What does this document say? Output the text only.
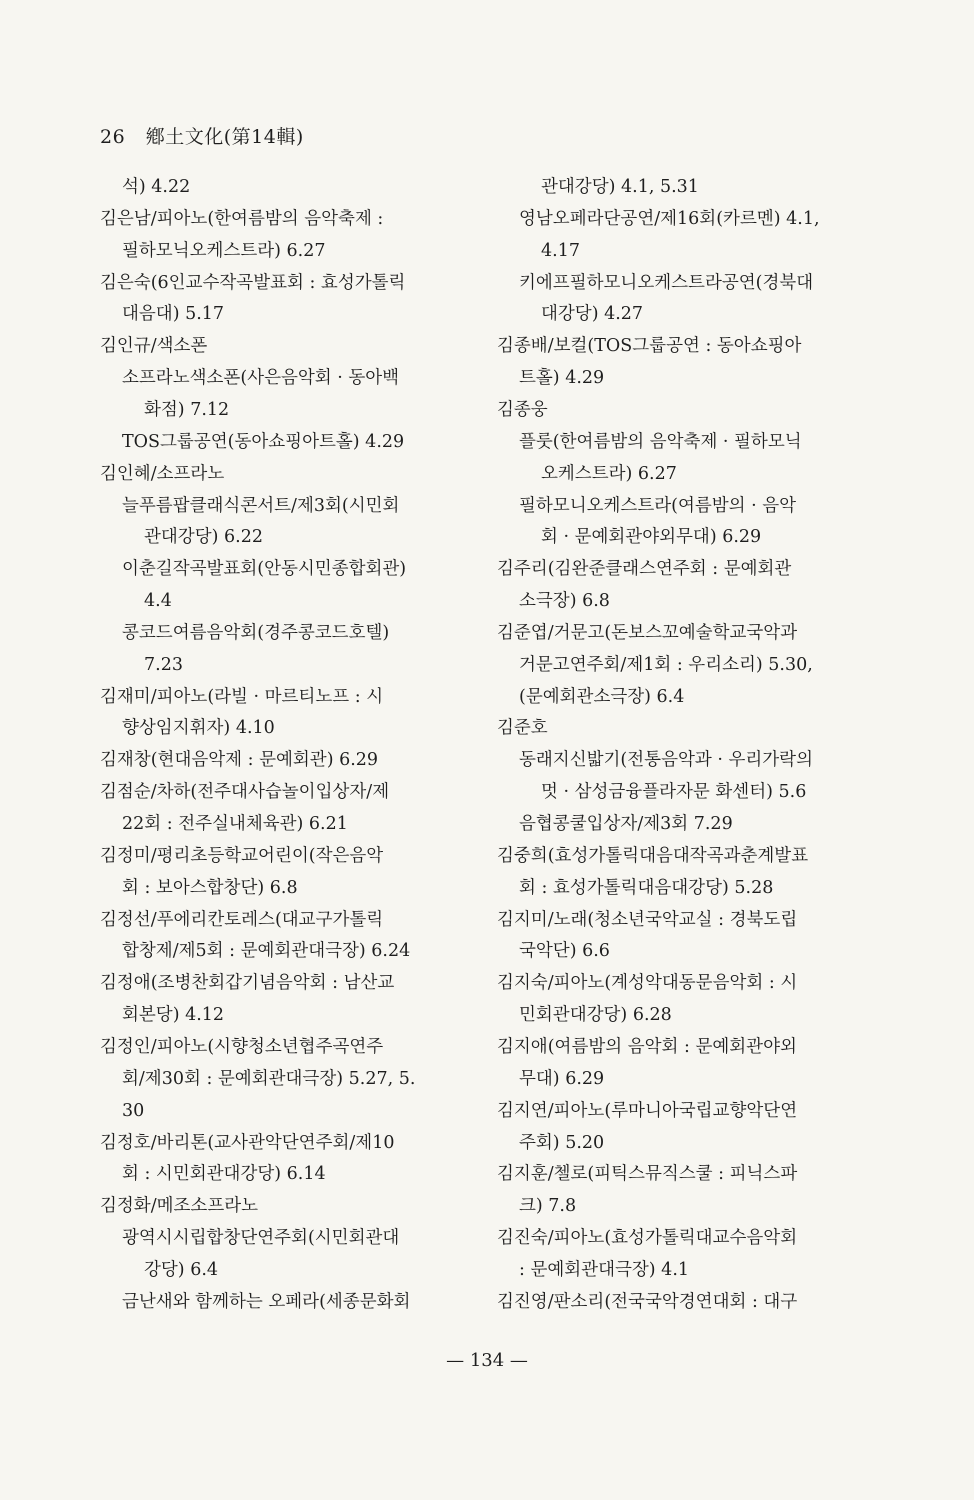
26 鄕土文化(第14輯)
석) 4.22
김은남/피아노(한여름밤의 음악축제 :
필하모닉오케스트라) 6.27
김은숙(6인교수작곡발표회 : 효성가톨릭
대음대) 5.17
김인규/색소폰
소프라노색소폰(사은음악회 · 동아백
화점) 7.12
TOS그룹공연(동아쇼핑아트홀) 4.29
김인혜/소프라노
늘푸름팝클래식콘서트/제3회(시민회
관대강당) 6.22
이춘길작곡발표회(안동시민종합회관)
4.4
콩코드여름음악회(경주콩코드호텔)
7.23
김재미/피아노(라빌 · 마르티노프 : 시
향상임지휘자) 4.10
김재창(현대음악제 : 문예회관) 6.29
김점순/차하(전주대사습놀이입상자/제
22회 : 전주실내체육관) 6.21
김정미/평리초등학교어린이(작은음악
회 : 보아스합창단) 6.8
김정선/푸에리칸토레스(대교구가톨릭
합창제/제5회 : 문예회관대극장) 6.24
김정애(조병찬회갑기념음악회 : 남산교
회본당) 4.12
김정인/피아노(시향청소년협주곡연주
회/제30회 : 문예회관대극장) 5.27, 5.
30
김정호/바리톤(교사관악단연주회/제10
회 : 시민회관대강당) 6.14
김정화/메조소프라노
광역시시립합창단연주회(시민회관대
강당) 6.4
금난새와 함께하는 오페라(세종문화회
관대강당) 4.1, 5.31
영남오페라단공연/제16회(카르멘) 4.1,
4.17
키에프필하모니오케스트라공연(경북대
대강당) 4.27
김종배/보컬(TOS그룹공연 : 동아쇼핑아
트홀) 4.29
김종웅
플룻(한여름밤의 음악축제 · 필하모닉
오케스트라) 6.27
필하모니오케스트라(여름밤의 · 음악
회 · 문예회관야외무대) 6.29
김주리(김완준클래스연주회 : 문예회관
소극장) 6.8
김준엽/거문고(돈보스꼬예술학교국악과
거문고연주회/제1회 : 우리소리) 5.30,
(문예회관소극장) 6.4
김준호
동래지신밟기(전통음악과 · 우리가락의
멋 · 삼성금융플라자문 화센터) 5.6
음협콩쿨입상자/제3회 7.29
김중희(효성가톨릭대음대작곡과춘계발표
회 : 효성가톨릭대음대강당) 5.28
김지미/노래(청소년국악교실 : 경북도립
국악단) 6.6
김지숙/피아노(계성악대동문음악회 : 시
민회관대강당) 6.28
김지애(여름밤의 음악회 : 문예회관야외
무대) 6.29
김지연/피아노(루마니아국립교향악단연
주회) 5.20
김지훈/첼로(피틱스뮤직스쿨 : 피닉스파
크) 7.8
김진숙/피아노(효성가톨릭대교수음악회
: 문예회관대극장) 4.1
김진영/판소리(전국국악경연대회 : 대구
— 134 —
